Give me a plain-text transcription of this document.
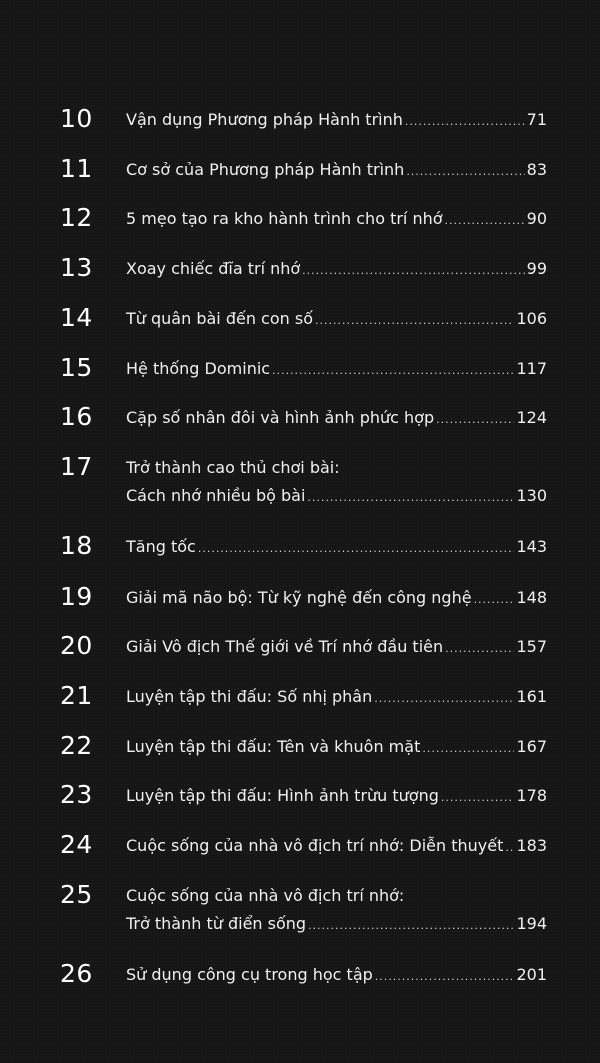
10 Vận dụng Phương pháp Hành trình .....	71
11 Cơ sở của Phương pháp Hành trình .....	83
12 5 mẹo tạo ra kho hành trình cho trí nhớ .....	90
13 Xoay chiếc đĩa trí nhớ .....	99
14 Từ quân bài đến con số .....	106
15 Hệ thống Dominic .....	117
16 Cặp số nhân đôi và hình ảnh phức hợp .....	124
17 Trở thành cao thủ chơi bài:
Cách nhớ nhiều bộ bài .....	130
18 Tăng tốc .....	143
19 Giải mã não bộ: Từ kỹ nghệ đến công nghệ .....	148
20 Giải Vô địch Thế giới về Trí nhớ đầu tiên .....	157
21 Luyện tập thi đấu: Số nhị phân .....	161
22 Luyện tập thi đấu: Tên và khuôn mặt .....	167
23 Luyện tập thi đấu: Hình ảnh trừu tượng .....	178
24 Cuộc sống của nhà vô địch trí nhớ: Diễn thuyết ..... 183
25 Cuộc sống của nhà vô địch trí nhớ:
Trở thành từ điển sống .....	194
26 Sử dụng công cụ trong học tập .....	201
